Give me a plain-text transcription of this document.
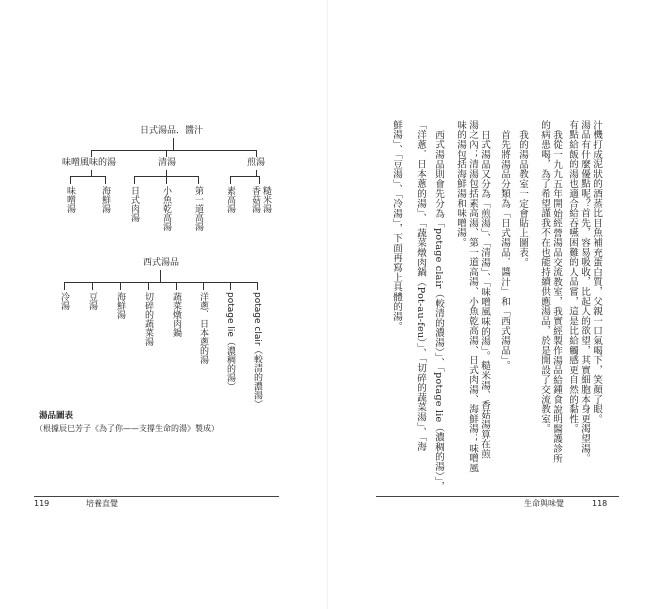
日式湯品．醬汁
味噌風味的湯	清湯	煎湯
味噌湯	海鮮湯 日式肉湯 小魚乾高湯 第一道高湯 素高湯	糙米湯
香菇湯
西式湯品
冷湯 豆湯 海鮮湯 切碎的蔬菜湯 蔬菜燉肉鍋 洋蔥．日本蔥的湯 potage lie（濃稠的湯） potage clair（較清的濃湯）
湯品圖表
（根據辰巳芳子《為了你——支撐生命的湯》製成）
119	培養直覺
汁機打成泥狀的酒蒸比目魚補充蛋白質，父親一口氣喝下，笑顏了眼。
湯品有什麼優點呢？首先，容易吸收，比起人的欲望，其實細胞本身更渴望湯。
有點給飯的湯也適合給吞嚥困難的人品嘗，這是比給觸感更自然的黏性。
我從一九九五年開始經營湯品交流教室，我實經製作湯品給鍾食說明醫護診所
的病患喝，為了希望謹我不在也能持續供應湯品，於是開設了交流教室。
我的湯品教室一定會貼上圖表。
首先將湯品分類為「日式湯品．醬汁」和「西式湯品」。
日式湯品又分為「煎湯」、「清湯」、「味噌風味的湯」。糙米湯、香菇湯算在煎
湯之內；清湯包括素高湯、第一道高湯、小魚乾高湯、日式肉湯、海鮮湯；味噌風
味的湯包括海鮮湯和味噌湯。
西式湯品則會先分為「potage clair（較清的濃湯）」、「potage lie（濃稠的湯）」，
「洋蔥．日本蔥的湯」、「蔬菜燉肉鍋（Pot-au-feu）」、「切碎的蔬菜湯」、「海
鮮湯」、「豆湯」、「冷湯」，下面再寫上具體的湯。
生命與味覺	118
